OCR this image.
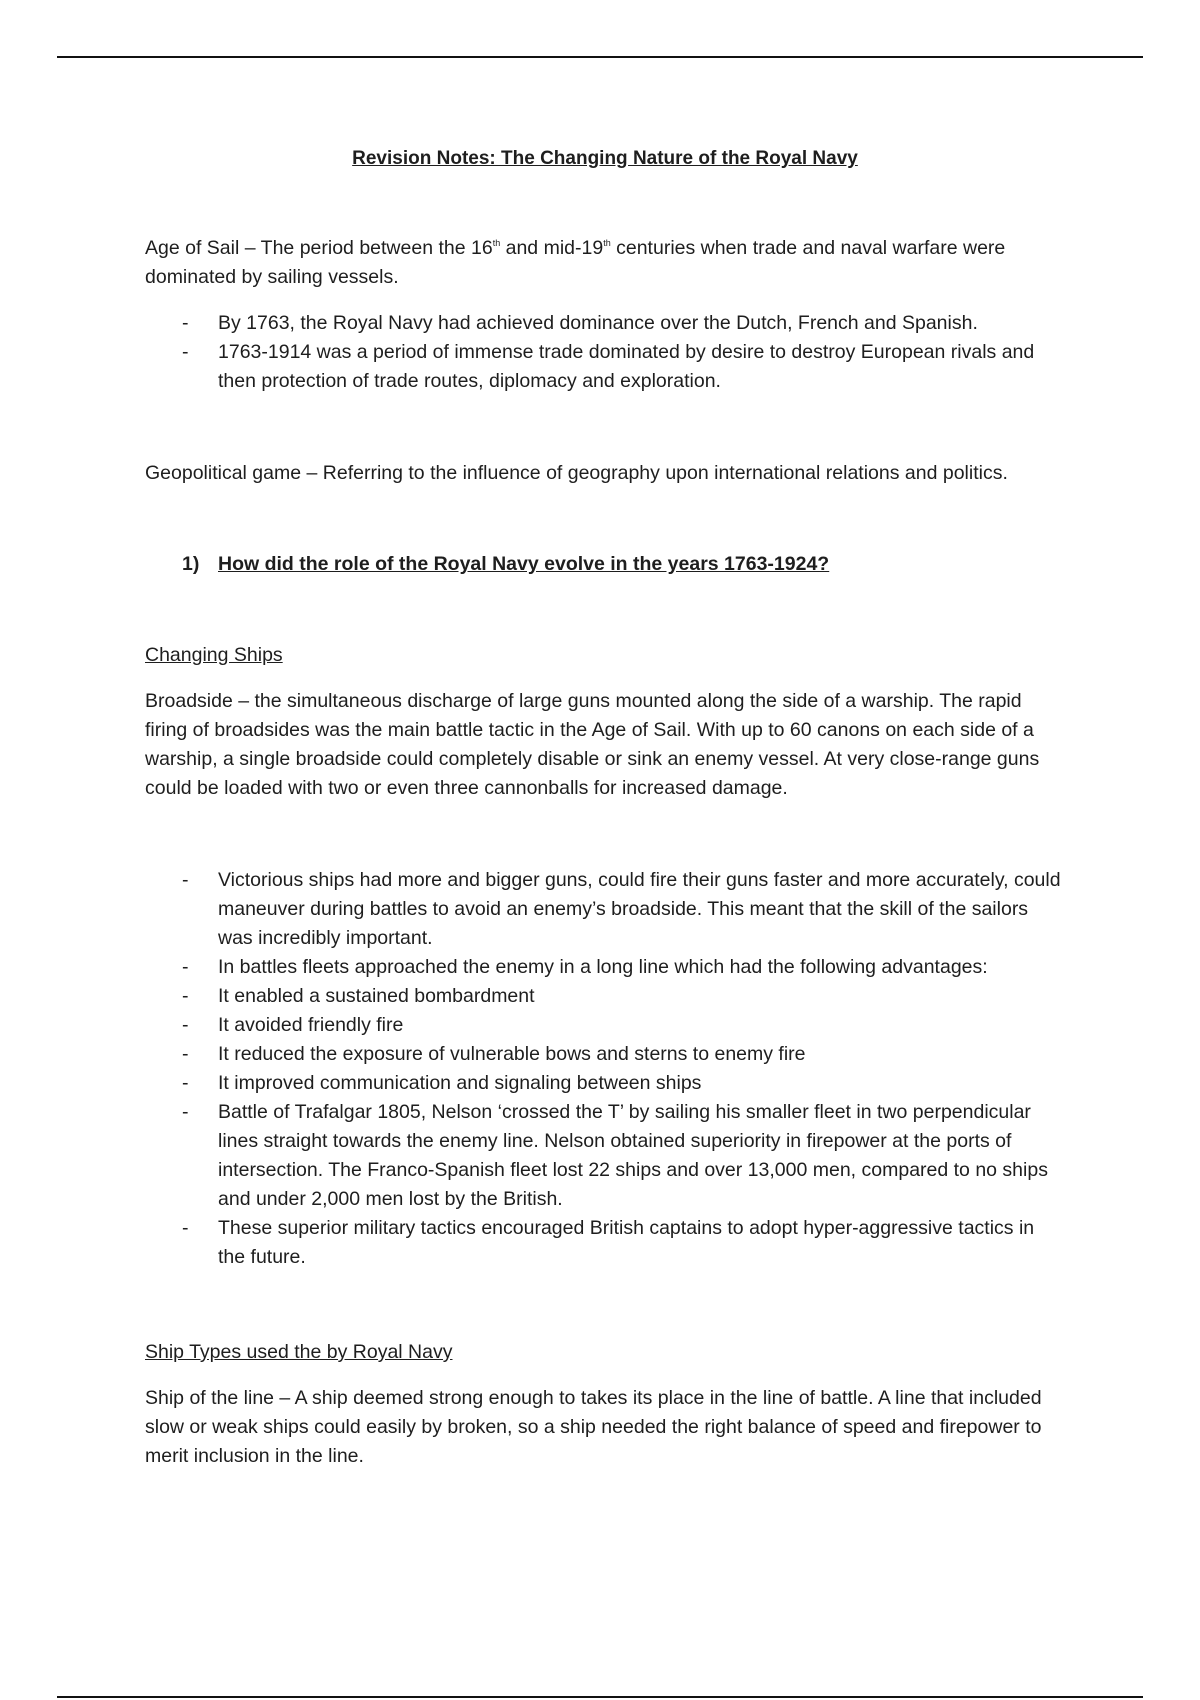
Revision Notes: The Changing Nature of the Royal Navy

Age of Sail – The period between the 16th and mid-19th centuries when trade and naval warfare were dominated by sailing vessels.

- By 1763, the Royal Navy had achieved dominance over the Dutch, French and Spanish.
- 1763-1914 was a period of immense trade dominated by desire to destroy European rivals and then protection of trade routes, diplomacy and exploration.

Geopolitical game – Referring to the influence of geography upon international relations and politics.

1) How did the role of the Royal Navy evolve in the years 1763-1924?
Changing Ships

Broadside – the simultaneous discharge of large guns mounted along the side of a warship. The rapid firing of broadsides was the main battle tactic in the Age of Sail. With up to 60 canons on each side of a warship, a single broadside could completely disable or sink an enemy vessel. At very close-range guns could be loaded with two or even three cannonballs for increased damage.

- Victorious ships had more and bigger guns, could fire their guns faster and more accurately, could maneuver during battles to avoid an enemy’s broadside. This meant that the skill of the sailors was incredibly important.
- In battles fleets approached the enemy in a long line which had the following advantages:
- It enabled a sustained bombardment
- It avoided friendly fire
- It reduced the exposure of vulnerable bows and sterns to enemy fire
- It improved communication and signaling between ships
- Battle of Trafalgar 1805, Nelson ‘crossed the T’ by sailing his smaller fleet in two perpendicular lines straight towards the enemy line. Nelson obtained superiority in firepower at the ports of intersection. The Franco-Spanish fleet lost 22 ships and over 13,000 men, compared to no ships and under 2,000 men lost by the British.
- These superior military tactics encouraged British captains to adopt hyper-aggressive tactics in the future.
Ship Types used the by Royal Navy

Ship of the line – A ship deemed strong enough to takes its place in the line of battle. A line that included slow or weak ships could easily by broken, so a ship needed the right balance of speed and firepower to merit inclusion in the line.
